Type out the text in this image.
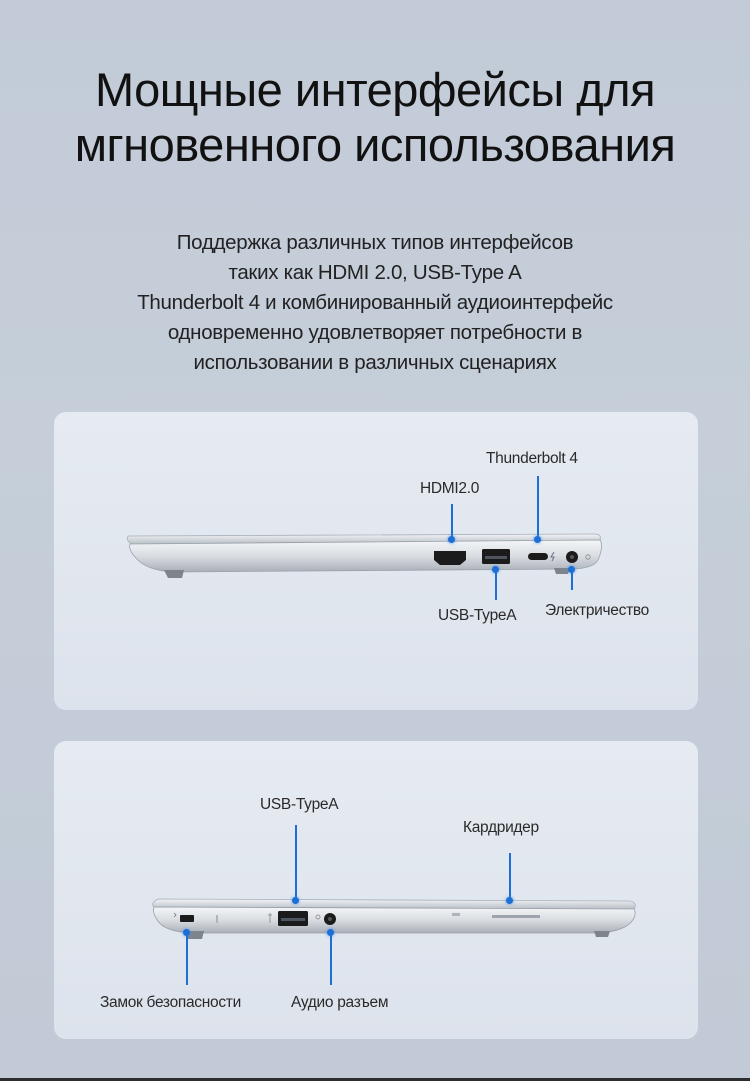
Мощные интерфейсы для
мгновенного использования
Поддержка различных типов интерфейсов
таких как HDMI 2.0, USB-Type A
Thunderbolt 4 и комбинированный аудиоинтерфейс
одновременно удовлетворяет потребности в
использовании в различных сценариях
HDMI2.0
Thunderbolt 4
USB-TypeA Электричество
USB-TypeA
Кардридер
Замок безопасности	Аудио разъем
